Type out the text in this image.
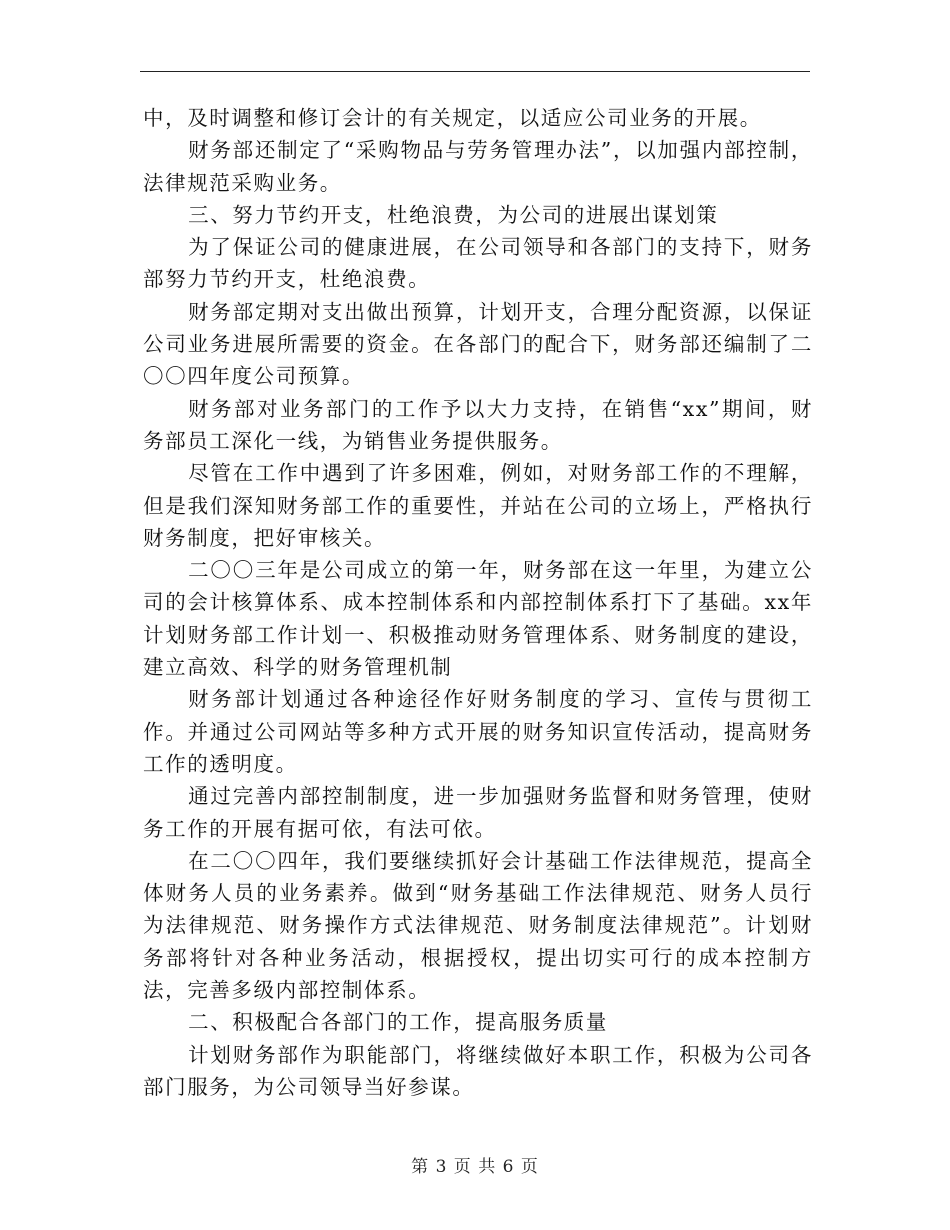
中，及时调整和修订会计的有关规定，以适应公司业务的开展。

财务部还制定了“采购物品与劳务管理办法”，以加强内部控制，法律规范采购业务。

三、努力节约开支，杜绝浪费，为公司的进展出谋划策

为了保证公司的健康进展，在公司领导和各部门的支持下，财务部努力节约开支，杜绝浪费。

财务部定期对支出做出预算，计划开支，合理分配资源，以保证公司业务进展所需要的资金。在各部门的配合下，财务部还编制了二〇〇四年度公司预算。

财务部对业务部门的工作予以大力支持，在销售“xx”期间，财务部员工深化一线，为销售业务提供服务。

尽管在工作中遇到了许多困难，例如，对财务部工作的不理解，但是我们深知财务部工作的重要性，并站在公司的立场上，严格执行财务制度，把好审核关。

二〇〇三年是公司成立的第一年，财务部在这一年里，为建立公司的会计核算体系、成本控制体系和内部控制体系打下了基础。xx年计划财务部工作计划一、积极推动财务管理体系、财务制度的建设，建立高效、科学的财务管理机制

财务部计划通过各种途径作好财务制度的学习、宣传与贯彻工作。并通过公司网站等多种方式开展的财务知识宣传活动，提高财务工作的透明度。

通过完善内部控制制度，进一步加强财务监督和财务管理，使财务工作的开展有据可依，有法可依。

在二〇〇四年，我们要继续抓好会计基础工作法律规范，提高全体财务人员的业务素养。做到“财务基础工作法律规范、财务人员行为法律规范、财务操作方式法律规范、财务制度法律规范”。计划财务部将针对各种业务活动，根据授权，提出切实可行的成本控制方法，完善多级内部控制体系。

二、积极配合各部门的工作，提高服务质量

计划财务部作为职能部门，将继续做好本职工作，积极为公司各部门服务，为公司领导当好参谋。

第 3 页 共 6 页
